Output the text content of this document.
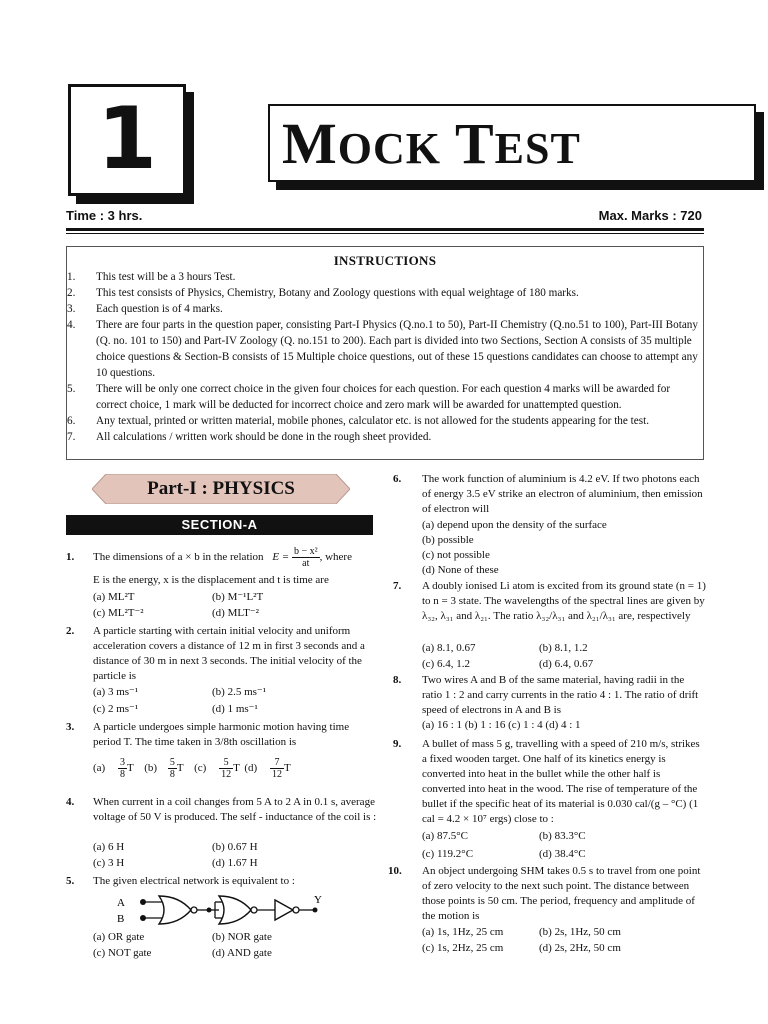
1	MOCK TEST
Time : 3 hrs.	Max. Marks : 720
INSTRUCTIONS
1. This test will be a 3 hours Test.
2. This test consists of Physics, Chemistry, Botany and Zoology questions with equal weightage of 180 marks.
3. Each question is of 4 marks.
4. There are four parts in the question paper, consisting Part-I Physics (Q.no.1 to 50), Part-II Chemistry (Q.no.51 to 100), Part-III Botany (Q. no. 101 to 150) and Part-IV Zoology (Q. no.151 to 200). Each part is divided into two Sections, Section A consists of 35 multiple choice questions & Section-B consists of 15 Multiple choice questions, out of these 15 questions candidates can choose to attempt any 10 questions.
5. There will be only one correct choice in the given four choices for each question. For each question 4 marks will be awarded for correct choice, 1 mark will be deducted for incorrect choice and zero mark will be awarded for unattempted question.
6. Any textual, printed or written material, mobile phones, calculator etc. is not allowed for the students appearing for the test.
7. All calculations / written work should be done in the rough sheet provided.
Part-I : PHYSICS
SECTION-A
1. The dimensions of a × b in the relation $E = \frac{\text{b − x²}}{at}$ , where
E is the energy, x is the displacement and t is time are
(a) ML²T	(b) M⁻¹L²T
(c) ML²T⁻²	(d) MLT⁻²
2. A particle starting with certain initial velocity and uniform acceleration covers a distance of 12 m in first 3 seconds and a distance of 30 m in next 3 seconds. The initial velocity of the particle is
(a) 3 ms⁻¹	(b) 2.5 ms⁻¹
(c) 2 ms⁻¹	(d) 1 ms⁻¹
3. A particle undergoes simple harmonic motion having time period T. The time taken in 3/8th oscillation is
$(a) \frac{3}{8}$ T $(b) \frac{5}{8}$ T $(c) \frac{5}{12}$ T $(d) \frac{7}{12}$ T
4. When current in a coil changes from 5 A to 2 A in 0.1 s, average voltage of 50 V is produced. The self - inductance of the coil is :
(a) 6 H	(b) 0.67 H
(c) 3 H	(d) 1.67 H
5. The given electrical network is equivalent to :
A
B
Y
(a) OR gate	(b) NOR gate
(c) NOT gate	(d) AND gate
6. The work function of aluminium is 4.2 eV. If two photons each of energy 3.5 eV strike an electron of aluminium, then emission of electron will
(a) depend upon the density of the surface
(b) possible
(c) not possible
(d) None of these
7. A doubly ionised Li atom is excited from its ground state (n = 1) to n = 3 state. The wavelengths of the spectral lines are given by λ₃₂, λ₃₁ and λ₂₁. The ratio λ₃₂/λ₃₁ and λ₂₁/λ₃₁ are, respectively
(a) 8.1, 0.67	(b) 8.1, 1.2
(c) 6.4, 1.2	(d) 6.4, 0.67
8. Two wires A and B of the same material, having radii in the ratio 1 : 2 and carry currents in the ratio 4 : 1. The ratio of drift speed of electrons in A and B is
(a) 16 : 1 (b) 1 : 16 (c) 1 : 4 (d) 4 : 1
9. A bullet of mass 5 g, travelling with a speed of 210 m/s, strikes a fixed wooden target. One half of its kinetics energy is converted into heat in the bullet while the other half is converted into heat in the wood. The rise of temperature of the bullet if the specific heat of its material is 0.030 cal/(g – °C) (1 cal = 4.2 × 10⁷ ergs) close to :
(a) 87.5°C	(b) 83.3°C
(c) 119.2°C	(d) 38.4°C
10. An object undergoing SHM takes 0.5 s to travel from one point of zero velocity to the next such point. The distance between those points is 50 cm. The period, frequency and amplitude of the motion is
(a) 1s, 1Hz, 25 cm	(b) 2s, 1Hz, 50 cm
(c) 1s, 2Hz, 25 cm	(d) 2s, 2Hz, 50 cm
